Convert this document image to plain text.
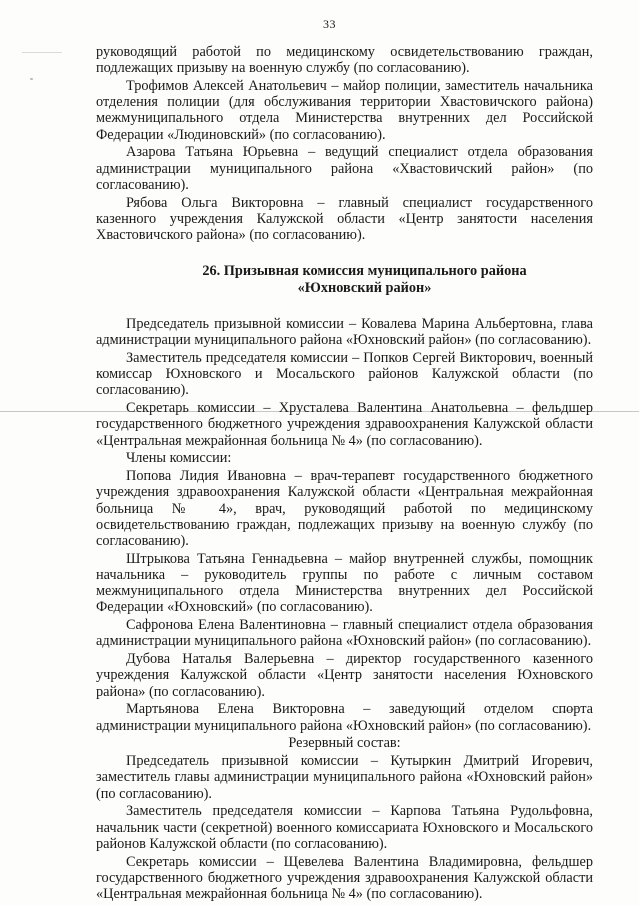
33

руководящий работой по медицинскому освидетельствованию граждан, подлежащих призыву на военную службу (по согласованию).

Трофимов Алексей Анатольевич – майор полиции, заместитель начальника отделения полиции (для обслуживания территории Хвастовичского района) межмуниципального отдела Министерства внутренних дел Российской Федерации «Людиновский» (по согласованию).

Азарова Татьяна Юрьевна – ведущий специалист отдела образования администрации муниципального района «Хвастовичский район» (по согласованию).

Рябова Ольга Викторовна – главный специалист государственного казенного учреждения Калужской области «Центр занятости населения Хвастовичского района» (по согласованию).

26. Призывная комиссия муниципального района
«Юхновский район»

Председатель призывной комиссии – Ковалева Марина Альбертовна, глава администрации муниципального района «Юхновский район» (по согласованию).

Заместитель председателя комиссии – Попков Сергей Викторович, военный комиссар Юхновского и Мосальского районов Калужской области (по согласованию).

Секретарь комиссии – Хрусталева Валентина Анатольевна – фельдшер государственного бюджетного учреждения здравоохранения Калужской области «Центральная межрайонная больница № 4» (по согласованию).

Члены комиссии:

Попова Лидия Ивановна – врач-терапевт государственного бюджетного учреждения здравоохранения Калужской области «Центральная межрайонная больница № 4», врач, руководящий работой по медицинскому освидетельствованию граждан, подлежащих призыву на военную службу (по согласованию).

Штрыкова Татьяна Геннадьевна – майор внутренней службы, помощник начальника – руководитель группы по работе с личным составом межмуниципального отдела Министерства внутренних дел Российской Федерации «Юхновский» (по согласованию).

Сафронова Елена Валентиновна – главный специалист отдела образования администрации муниципального района «Юхновский район» (по согласованию).

Дубова Наталья Валерьевна – директор государственного казенного учреждения Калужской области «Центр занятости населения Юхновского района» (по согласованию).

Мартьянова Елена Викторовна – заведующий отделом спорта администрации муниципального района «Юхновский район» (по согласованию).

Резервный состав:

Председатель призывной комиссии – Кутыркин Дмитрий Игоревич, заместитель главы администрации муниципального района «Юхновский район» (по согласованию).

Заместитель председателя комиссии – Карпова Татьяна Рудольфовна, начальник части (секретной) военного комиссариата Юхновского и Мосальского районов Калужской области (по согласованию).

Секретарь комиссии – Щевелева Валентина Владимировна, фельдшер государственного бюджетного учреждения здравоохранения Калужской области «Центральная межрайонная больница № 4» (по согласованию).
